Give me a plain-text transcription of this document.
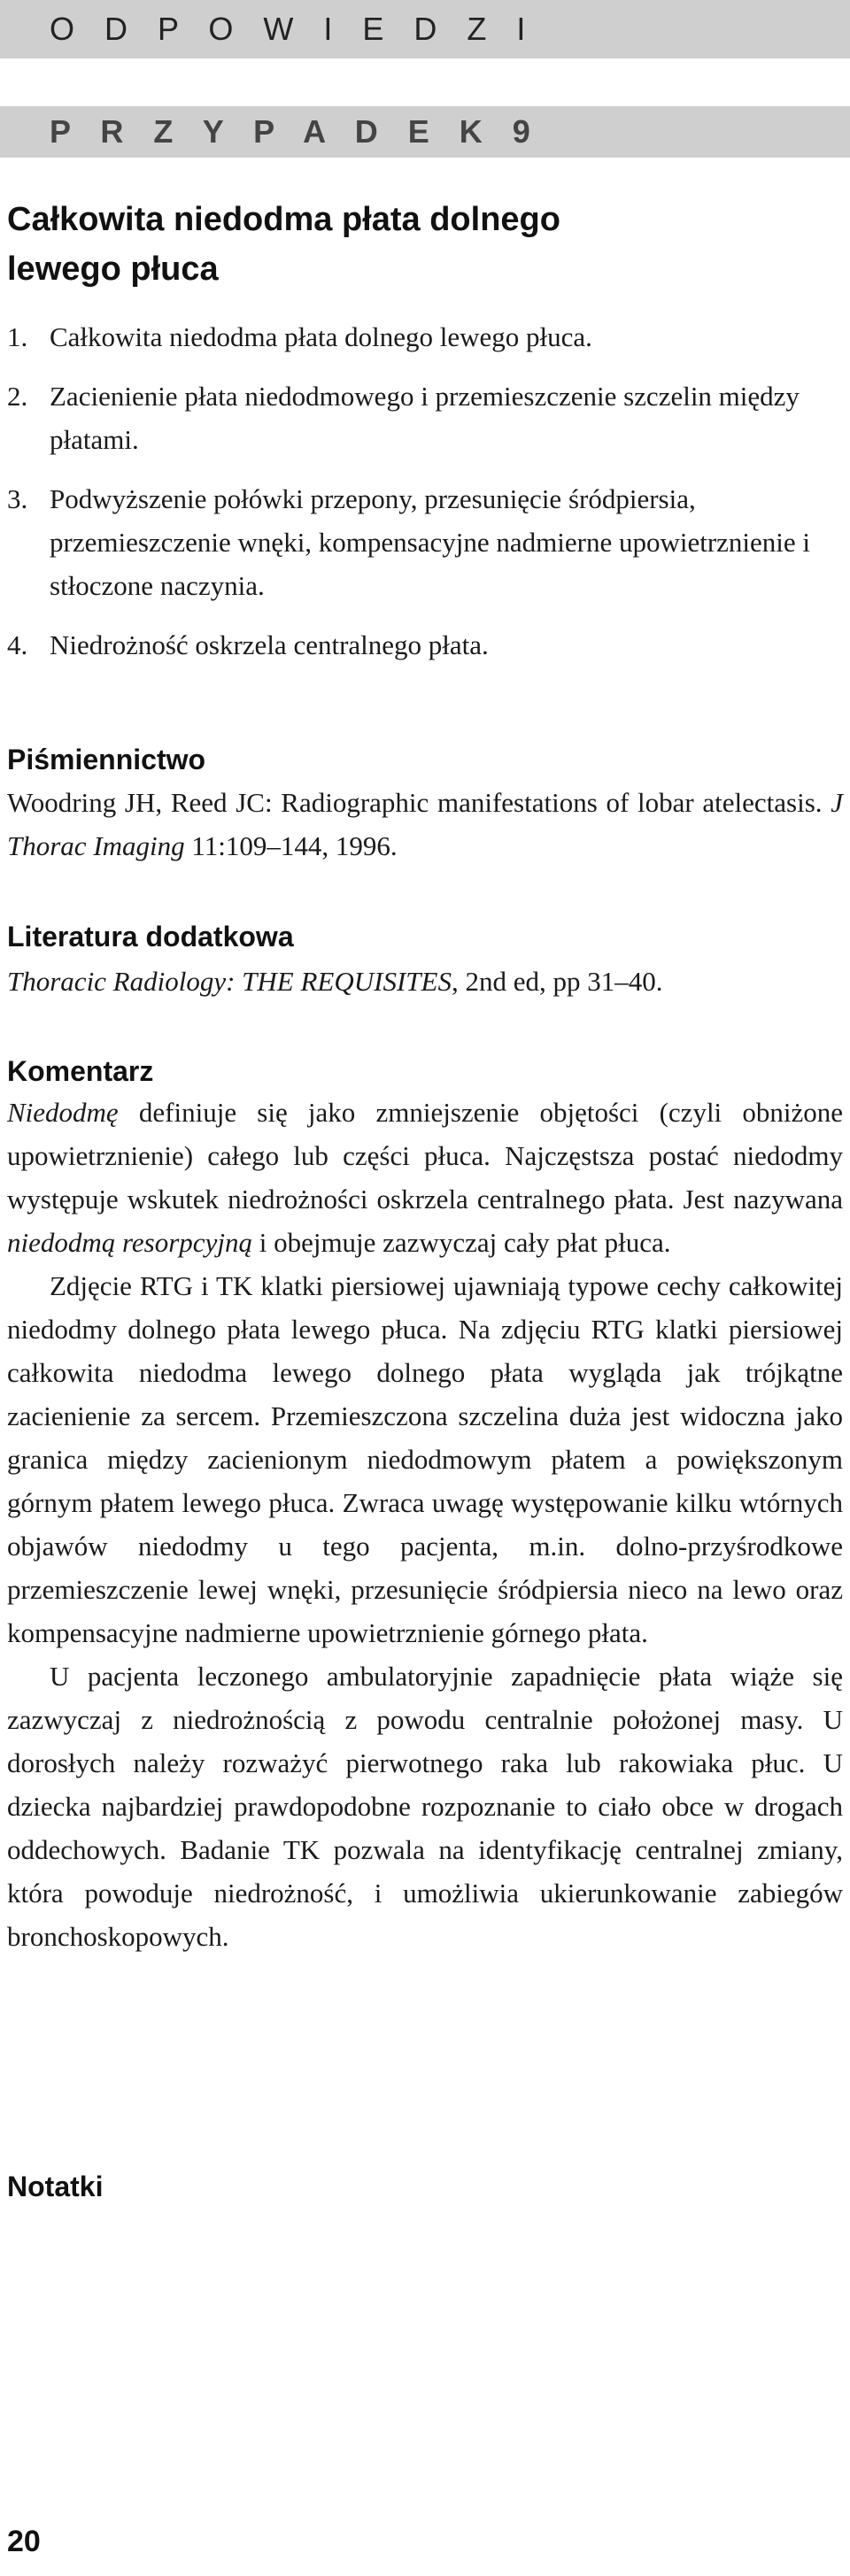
O D P O W I E D Z I
P R Z Y P A D E K 9
Całkowita niedodma płata dolnego
lewego płuca
1. Całkowita niedodma płata dolnego lewego płuca.
2. Zacienienie płata niedodmowego i przemieszczenie szczelin między płatami.
3. Podwyższenie połówki przepony, przesunięcie śródpiersia, przemieszczenie wnęki, kompensacyjne nadmierne upowietrznienie i stłoczone naczynia.
4. Niedrożność oskrzela centralnego płata.
Piśmiennictwo

Woodring JH, Reed JC: Radiographic manifestations of lobar atelectasis. J Thorac Imaging 11:109–144, 1996.

Literatura dodatkowa

Thoracic Radiology: THE REQUISITES, 2nd ed, pp 31–40.

Komentarz

Niedodmę definiuje się jako zmniejszenie objętości (czyli obniżone upowietrznienie) całego lub części płuca. Najczęstsza postać niedodmy występuje wskutek niedrożności oskrzela centralnego płata. Jest nazywana niedodmą resorpcyjną i obejmuje zazwyczaj cały płat płuca.

Zdjęcie RTG i TK klatki piersiowej ujawniają typowe cechy całkowitej niedodmy dolnego płata lewego płuca. Na zdjęciu RTG klatki piersiowej całkowita niedodma lewego dolnego płata wygląda jak trójkątne zacienienie za sercem. Przemieszczona szczelina duża jest widoczna jako granica między zacienionym niedodmowym płatem a powiększonym górnym płatem lewego płuca. Zwraca uwagę występowanie kilku wtórnych objawów niedodmy u tego pacjenta, m.in. dolno-przyśrodkowe przemieszczenie lewej wnęki, przesunięcie śródpiersia nieco na lewo oraz kompensacyjne nadmierne upowietrznienie górnego płata.

U pacjenta leczonego ambulatoryjnie zapadnięcie płata wiąże się zazwyczaj z niedrożnością z powodu centralnie położonej masy. U dorosłych należy rozważyć pierwotnego raka lub rakowiaka płuc. U dziecka najbardziej prawdopodobne rozpoznanie to ciało obce w drogach oddechowych. Badanie TK pozwala na identyfikację centralnej zmiany, która powoduje niedrożność, i umożliwia ukierunkowanie zabiegów bronchoskopowych.

Notatki
20
